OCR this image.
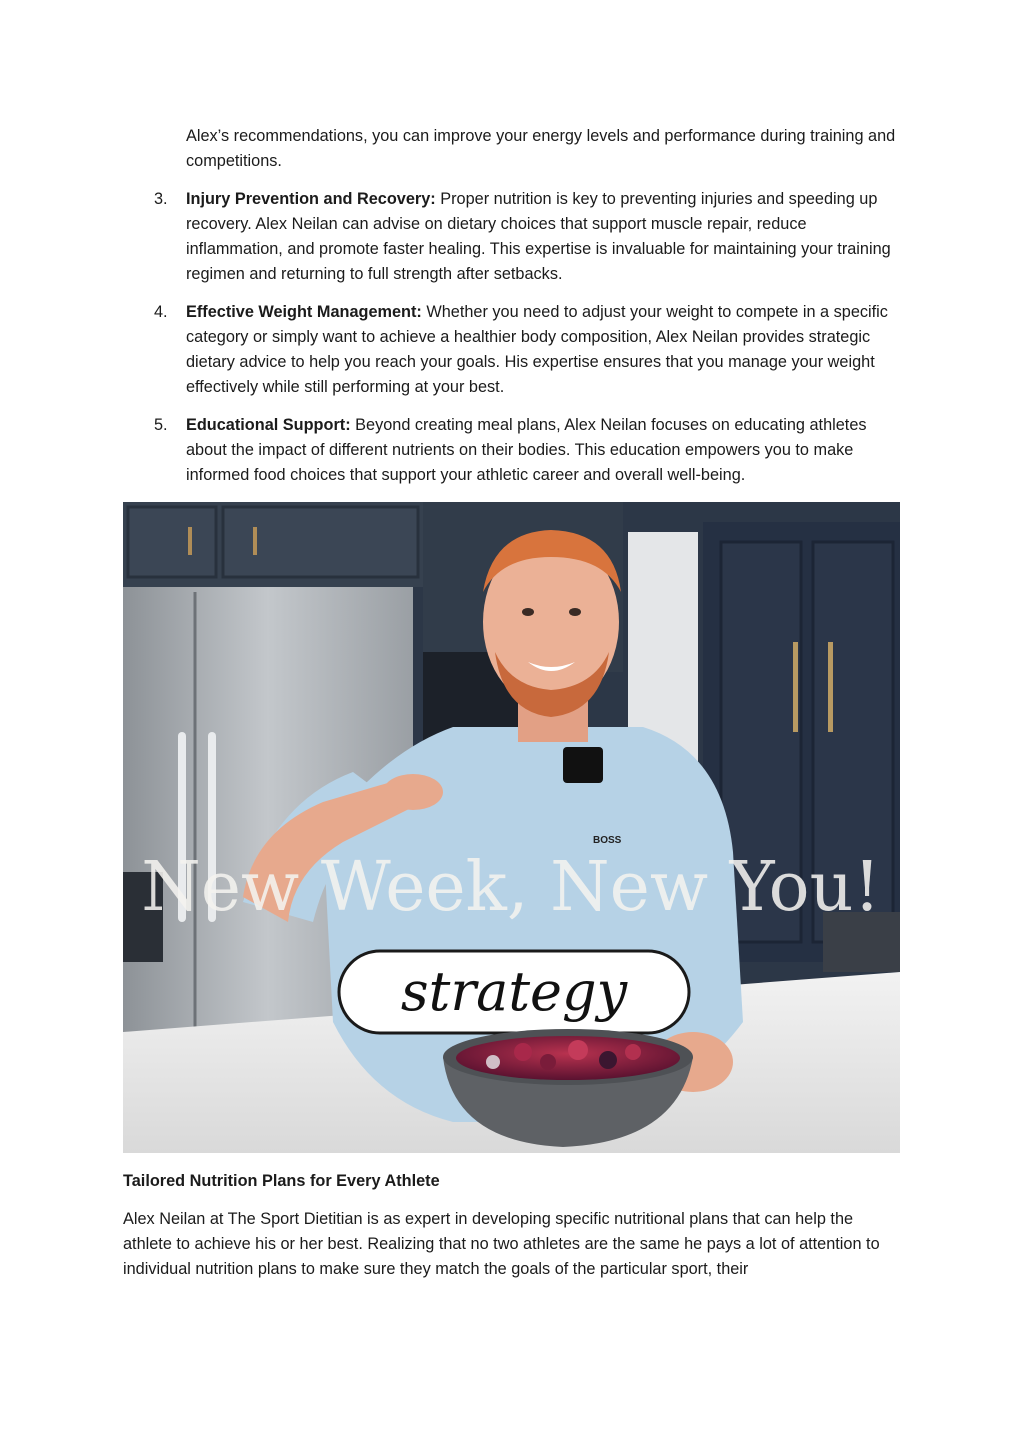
Alex’s recommendations, you can improve your energy levels and performance during training and competitions.

3. Injury Prevention and Recovery: Proper nutrition is key to preventing injuries and speeding up recovery. Alex Neilan can advise on dietary choices that support muscle repair, reduce inflammation, and promote faster healing. This expertise is invaluable for maintaining your training regimen and returning to full strength after setbacks.
4. Effective Weight Management: Whether you need to adjust your weight to compete in a specific category or simply want to achieve a healthier body composition, Alex Neilan provides strategic dietary advice to help you reach your goals. His expertise ensures that you manage your weight effectively while still performing at your best.
5. Educational Support: Beyond creating meal plans, Alex Neilan focuses on educating athletes about the impact of different nutrients on their bodies. This education empowers you to make informed food choices that support your athletic career and overall well-being.
BOSS
New Week, New You!
strategy

Tailored Nutrition Plans for Every Athlete

Alex Neilan at The Sport Dietitian is as expert in developing specific nutritional plans that can help the athlete to achieve his or her best. Realizing that no two athletes are the same he pays a lot of attention to individual nutrition plans to make sure they match the goals of the particular sport, their
